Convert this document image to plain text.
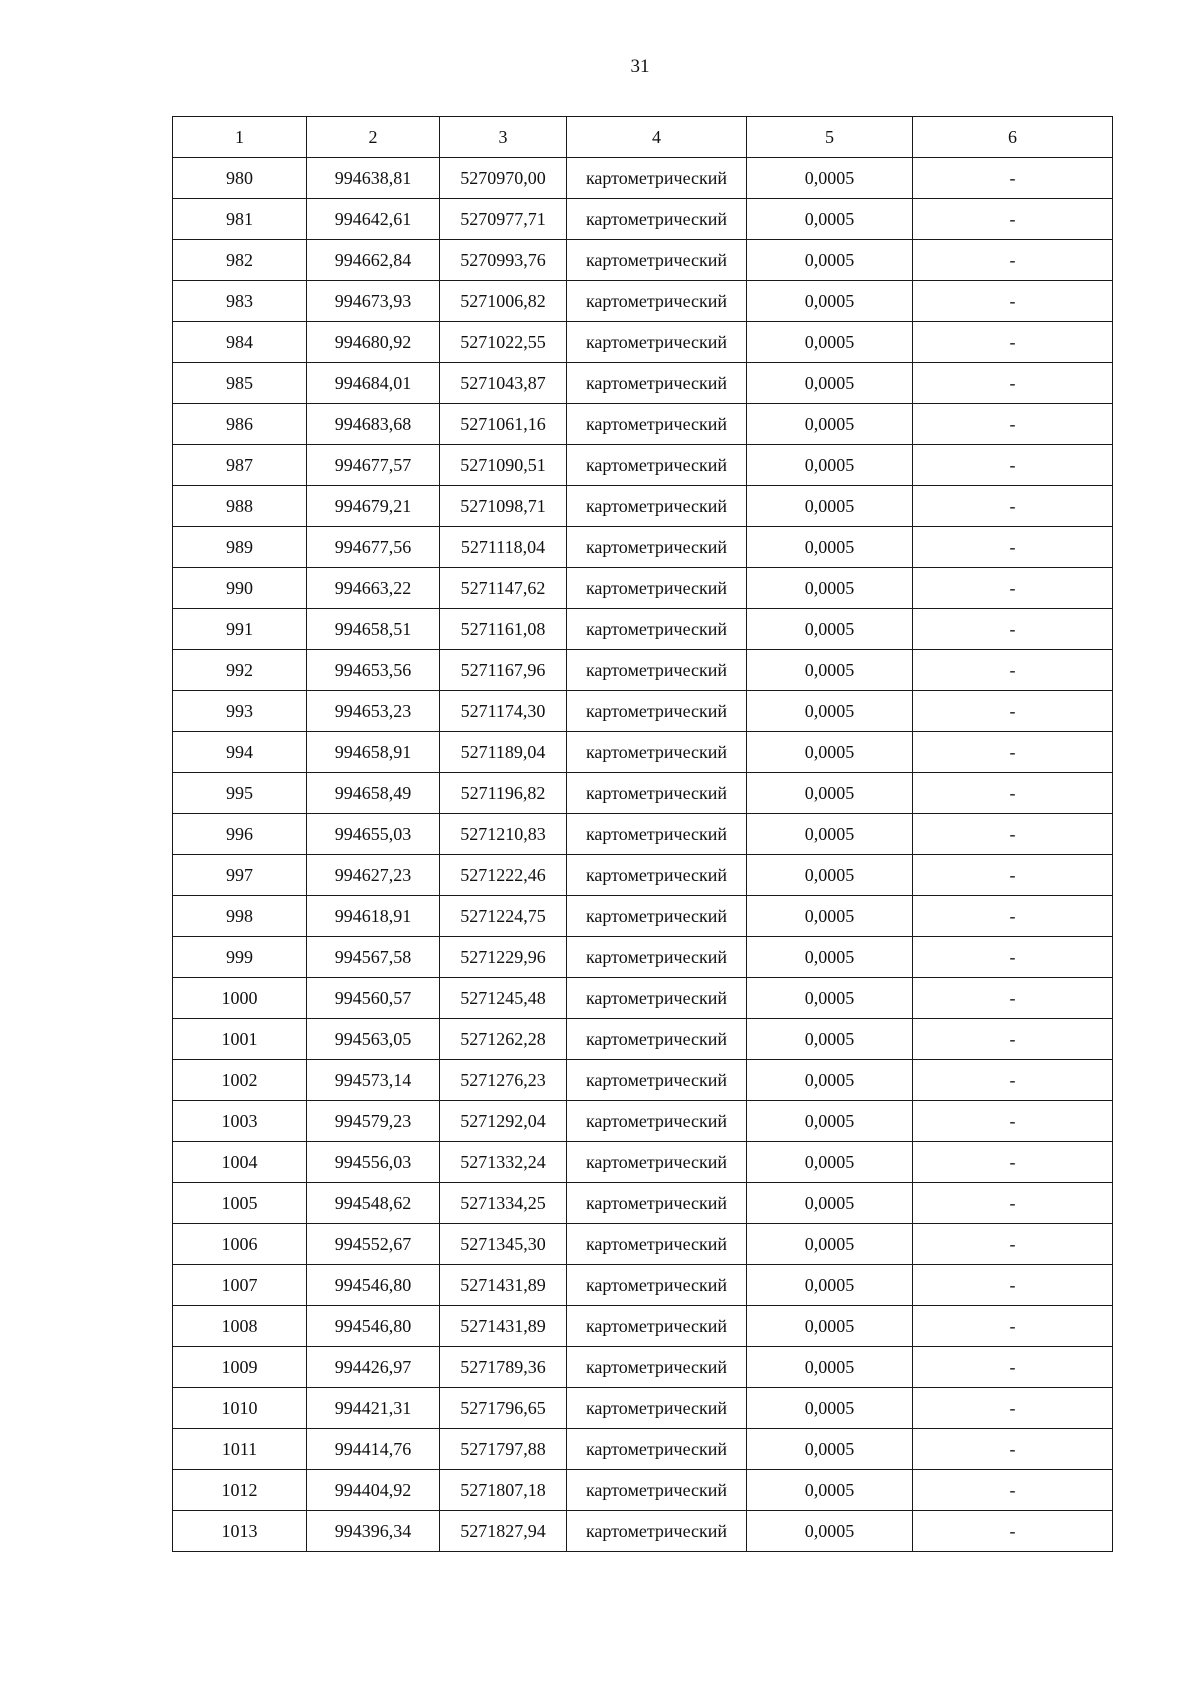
31
1	2	3	4	5	6
980	994638,81	5270970,00	картометрический	0,0005	-
981	994642,61	5270977,71	картометрический	0,0005	-
982	994662,84	5270993,76	картометрический	0,0005	-
983	994673,93	5271006,82	картометрический	0,0005	-
984	994680,92	5271022,55	картометрический	0,0005	-
985	994684,01	5271043,87	картометрический	0,0005	-
986	994683,68	5271061,16	картометрический	0,0005	-
987	994677,57	5271090,51	картометрический	0,0005	-
988	994679,21	5271098,71	картометрический	0,0005	-
989	994677,56	5271118,04	картометрический	0,0005	-
990	994663,22	5271147,62	картометрический	0,0005	-
991	994658,51	5271161,08	картометрический	0,0005	-
992	994653,56	5271167,96	картометрический	0,0005	-
993	994653,23	5271174,30	картометрический	0,0005	-
994	994658,91	5271189,04	картометрический	0,0005	-
995	994658,49	5271196,82	картометрический	0,0005	-
996	994655,03	5271210,83	картометрический	0,0005	-
997	994627,23	5271222,46	картометрический	0,0005	-
998	994618,91	5271224,75	картометрический	0,0005	-
999	994567,58	5271229,96	картометрический	0,0005	-
1000	994560,57	5271245,48	картометрический	0,0005	-
1001	994563,05	5271262,28	картометрический	0,0005	-
1002	994573,14	5271276,23	картометрический	0,0005	-
1003	994579,23	5271292,04	картометрический	0,0005	-
1004	994556,03	5271332,24	картометрический	0,0005	-
1005	994548,62	5271334,25	картометрический	0,0005	-
1006	994552,67	5271345,30	картометрический	0,0005	-
1007	994546,80	5271431,89	картометрический	0,0005	-
1008	994546,80	5271431,89	картометрический	0,0005	-
1009	994426,97	5271789,36	картометрический	0,0005	-
1010	994421,31	5271796,65	картометрический	0,0005	-
1011	994414,76	5271797,88	картометрический	0,0005	-
1012	994404,92	5271807,18	картометрический	0,0005	-
1013	994396,34	5271827,94	картометрический	0,0005	-
